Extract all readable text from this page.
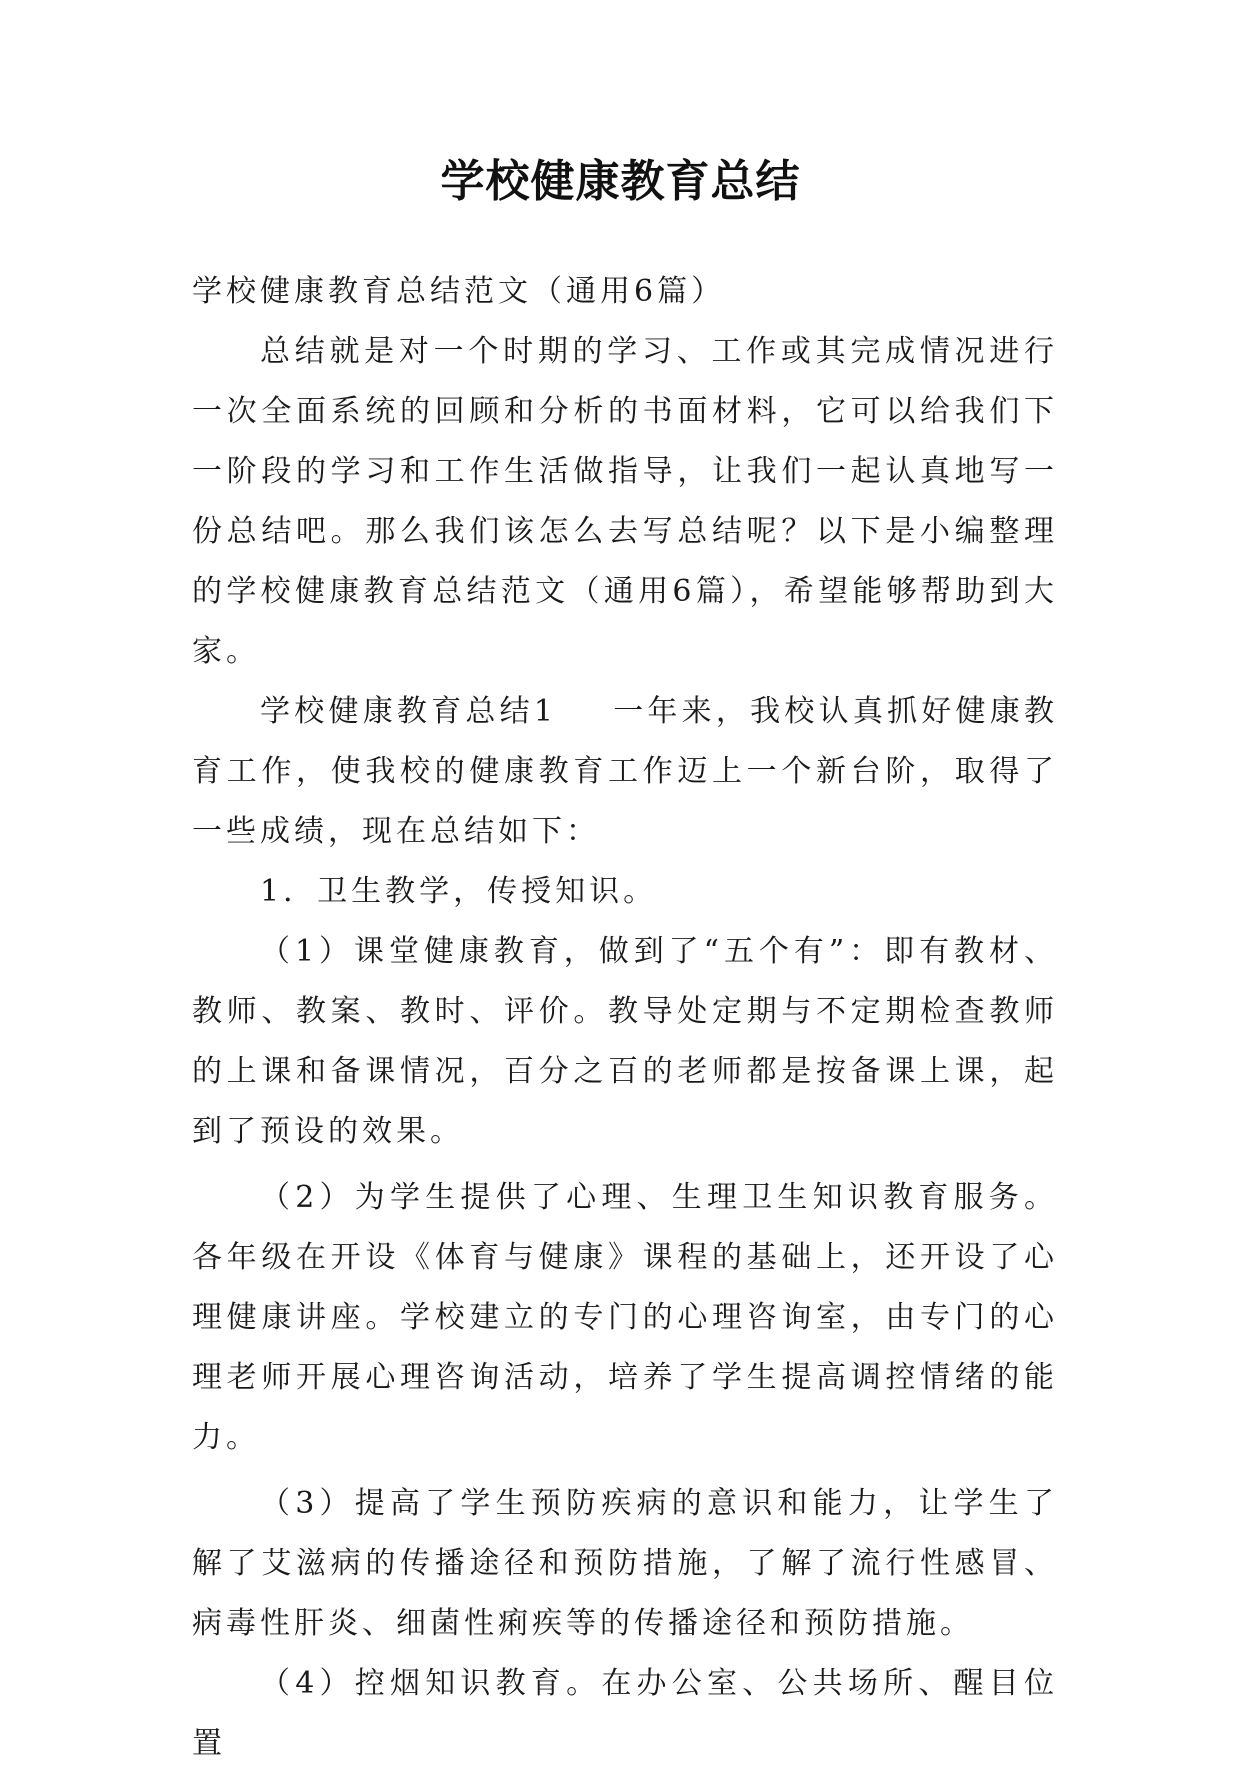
学校健康教育总结

学校健康教育总结范文（通用6篇）

总结就是对一个时期的学习、工作或其完成情况进行一次全面系统的回顾和分析的书面材料，它可以给我们下一阶段的学习和工作生活做指导，让我们一起认真地写一份总结吧。那么我们该怎么去写总结呢？以下是小编整理的学校健康教育总结范文（通用6篇），希望能够帮助到大家。

学校健康教育总结1 一年来，我校认真抓好健康教育工作，使我校的健康教育工作迈上一个新台阶，取得了一些成绩，现在总结如下：

1．卫生教学，传授知识。

（1）课堂健康教育，做到了“五个有”：即有教材、教师、教案、教时、评价。教导处定期与不定期检查教师的上课和备课情况，百分之百的老师都是按备课上课，起到了预设的效果。

（2）为学生提供了心理、生理卫生知识教育服务。各年级在开设《体育与健康》课程的基础上，还开设了心理健康讲座。学校建立的专门的心理咨询室，由专门的心理老师开展心理咨询活动，培养了学生提高调控情绪的能力。

（3）提高了学生预防疾病的意识和能力，让学生了解了艾滋病的传播途径和预防措施，了解了流行性感冒、病毒性肝炎、细菌性痢疾等的传播途径和预防措施。

（4）控烟知识教育。在办公室、公共场所、醒目位置
